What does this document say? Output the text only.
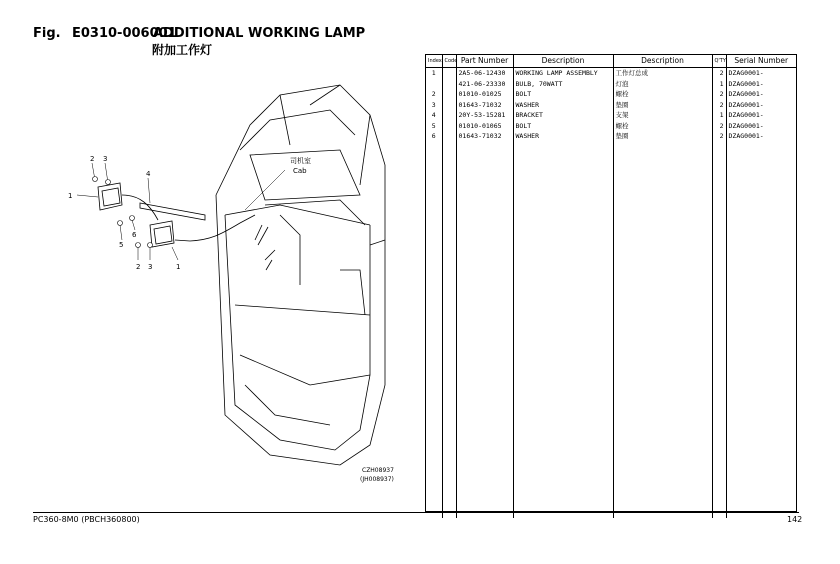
Fig. E0310-006001
ADDITIONAL WORKING LAMP
附加工作灯
1
2 3
4
5
6
2 3	1
司机室
Cab
CZH08937
(JH008937)
Index	Code	Part Number	Description	Description	Q'TY	Serial Number
1		2A5-06-12430	WORKING LAMP ASSEMBLY	工作灯总成	2	DZAG0001-
		421-06-23330	BULB, 70WATT	灯泡	1	DZAG0001-
2		01010-01025	BOLT	螺栓	2	DZAG0001-
3		01643-71032	WASHER	垫圈	2	DZAG0001-
4		20Y-53-15281	BRACKET	支架	1	DZAG0001-
5		01010-01065	BOLT	螺栓	2	DZAG0001-
6		01643-71032	WASHER	垫圈	2	DZAG0001-

PC360-8M0 (PBCH360800)	142
